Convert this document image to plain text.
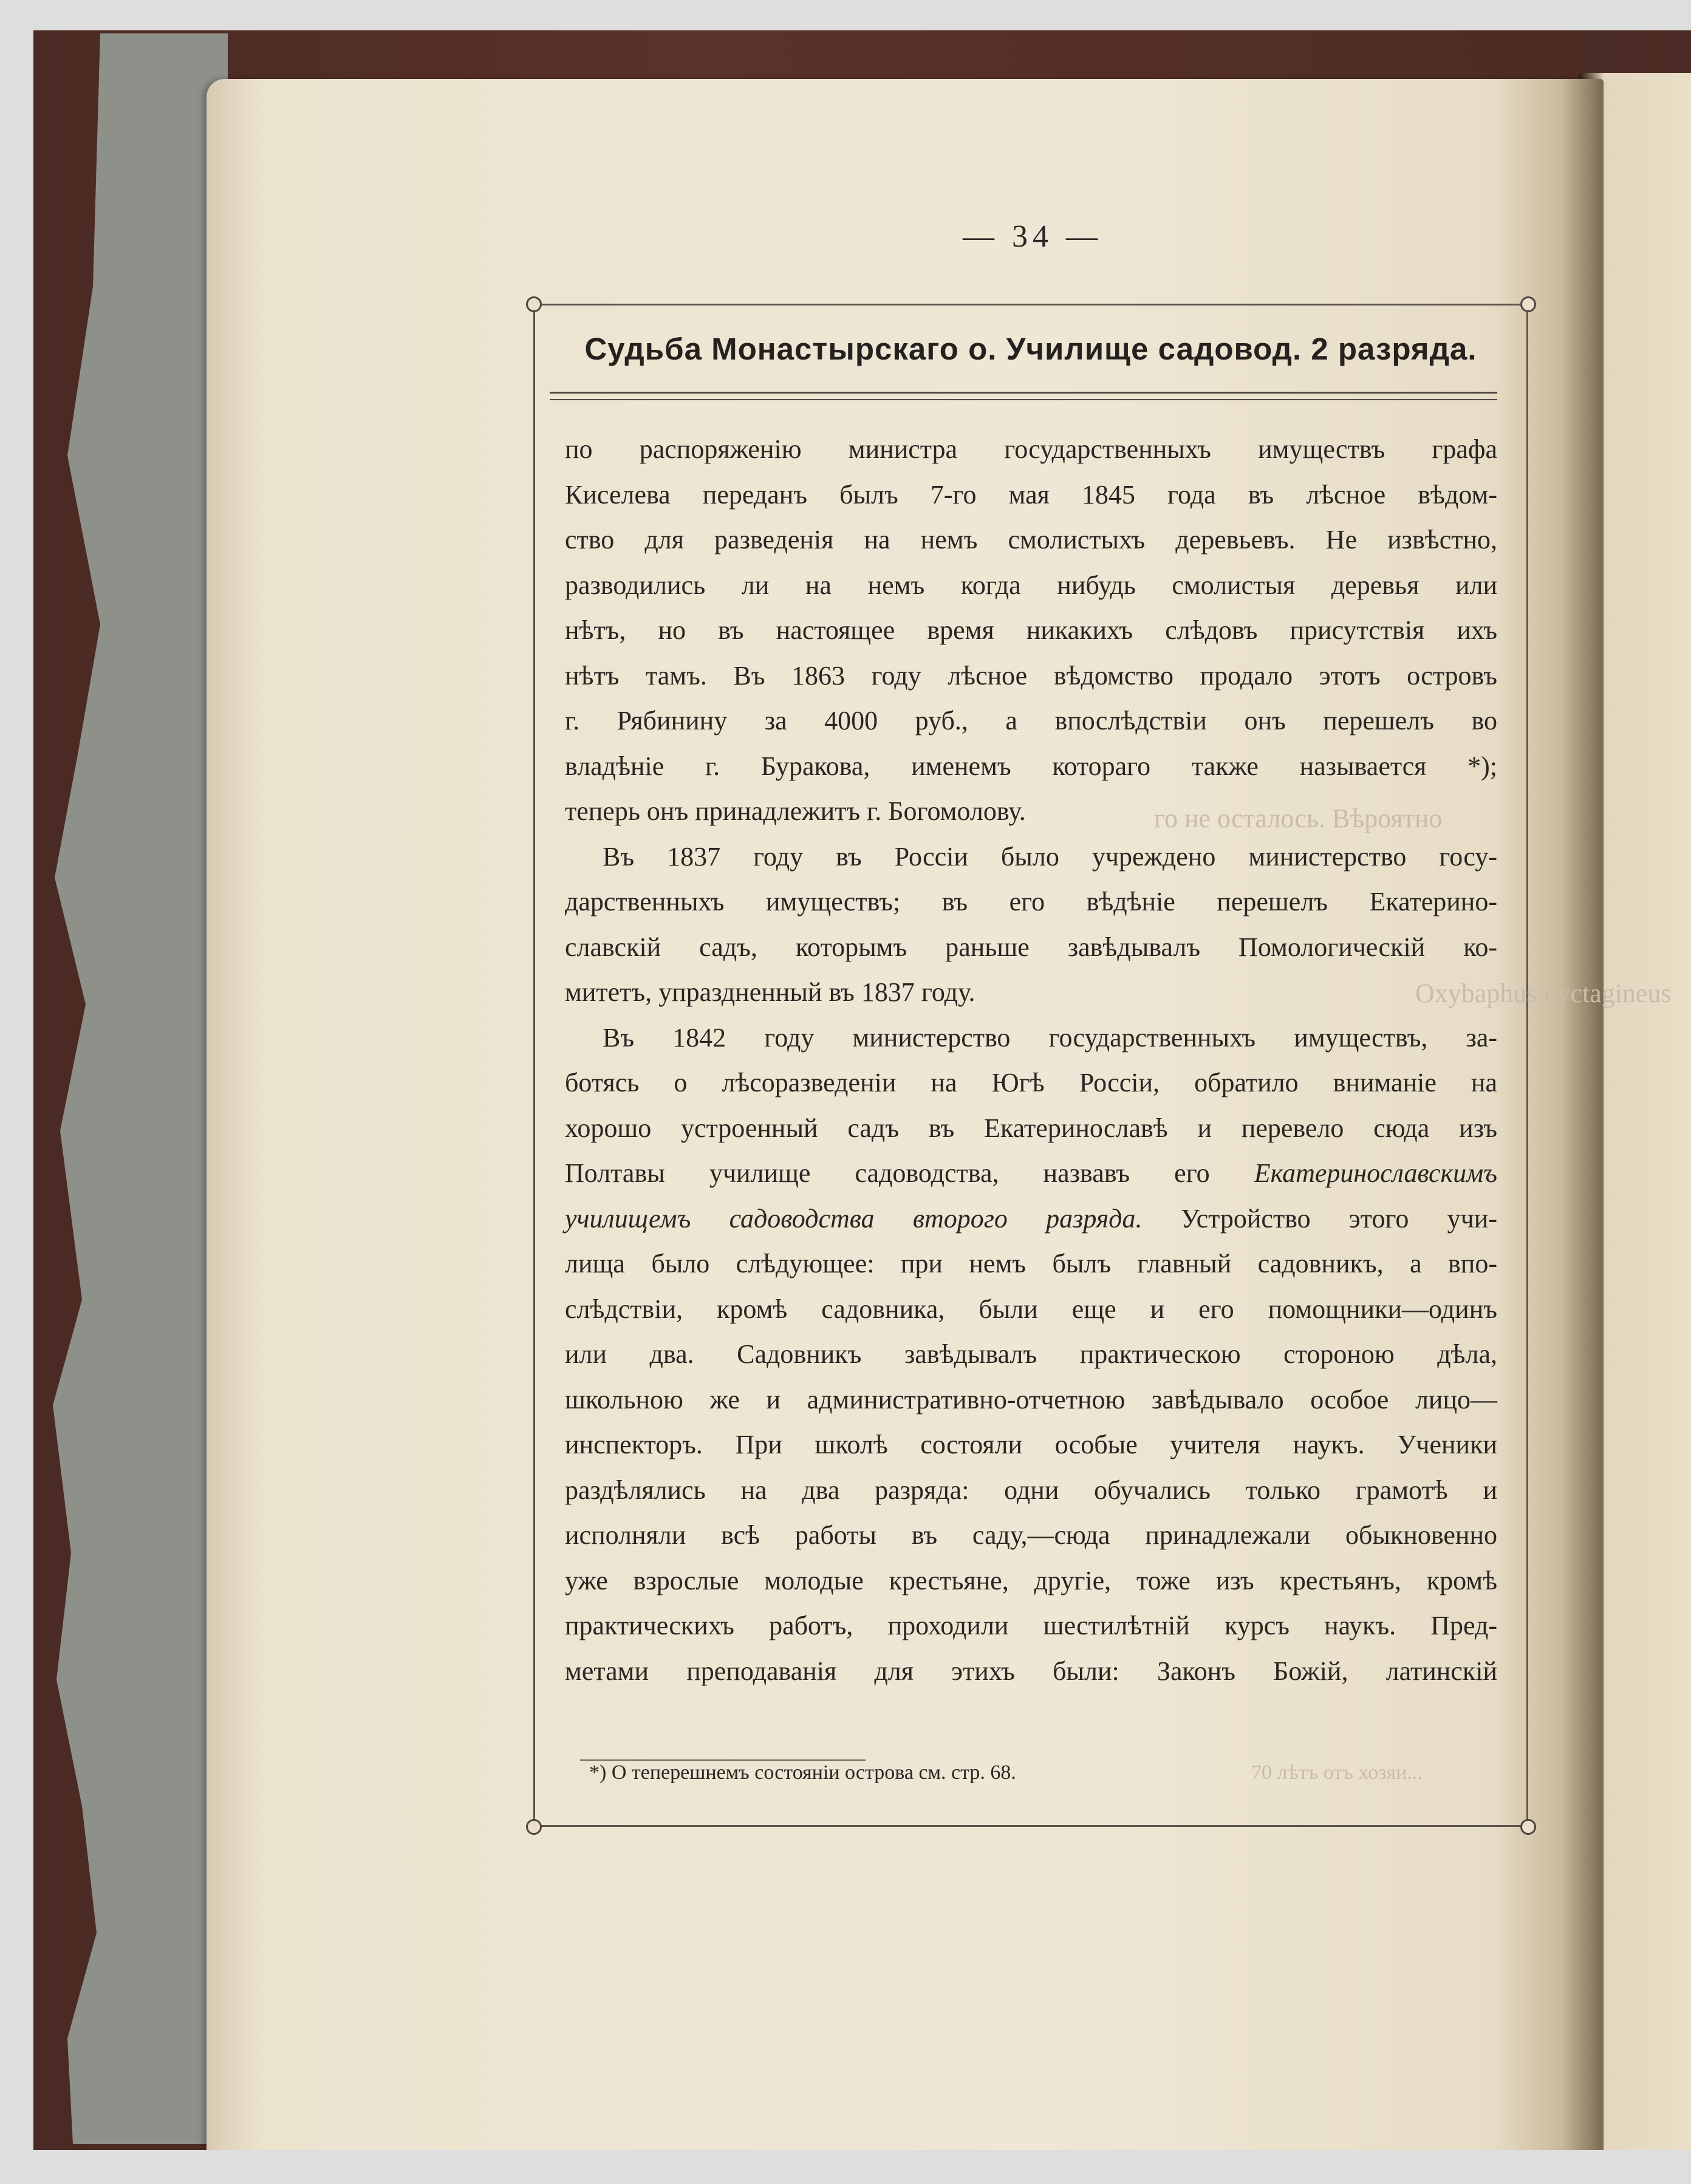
— 34 —
Судьба Монастырскаго о. Училище садовод. 2 разряда.
го не осталось. Вѣроятно
Oxybaphus nyctagineus
70 лѣтъ отъ хозяи...
по распоряженію министра государственныхъ имуществъ графа
Киселева переданъ былъ 7-го мая 1845 года въ лѣсное вѣдом-
ство для разведенія на немъ смолистыхъ деревьевъ. Не извѣстно,
разводились ли на немъ когда нибудь смолистыя деревья или
нѣтъ, но въ настоящее время никакихъ слѣдовъ присутствія ихъ
нѣтъ тамъ. Въ 1863 году лѣсное вѣдомство продало этотъ островъ
г. Рябинину за 4000 руб., а впослѣдствіи онъ перешелъ во
владѣніе г. Буракова, именемъ котораго также называется *);
теперь онъ принадлежитъ г. Богомолову.
Въ 1837 году въ Россіи было учреждено министерство госу-
дарственныхъ имуществъ; въ его вѣдѣніе перешелъ Екатерино-
славскій садъ, которымъ раньше завѣдывалъ Помологическій ко-
митетъ, упраздненный въ 1837 году.
Въ 1842 году министерство государственныхъ имуществъ, за-
ботясь о лѣсоразведеніи на Югѣ Россіи, обратило вниманіе на
хорошо устроенный садъ въ Екатеринославѣ и перевело сюда изъ
Полтавы училище садоводства, назвавъ его Екатеринославскимъ
училищемъ садоводства второго разряда. Устройство этого учи-
лища было слѣдующее: при немъ былъ главный садовникъ, а впо-
слѣдствіи, кромѣ садовника, были еще и его помощники—одинъ
или два. Садовникъ завѣдывалъ практическою стороною дѣла,
школьною же и административно-отчетною завѣдывало особое лицо—
инспекторъ. При школѣ состояли особые учителя наукъ. Ученики
раздѣлялись на два разряда: одни обучались только грамотѣ и
исполняли всѣ работы въ саду,—сюда принадлежали обыкновенно
уже взрослые молодые крестьяне, другіе, тоже изъ крестьянъ, кромѣ
практическихъ работъ, проходили шестилѣтній курсъ наукъ. Пред-
метами преподаванія для этихъ были: Законъ Божій, латинскій
*) О теперешнемъ состояніи острова см. стр. 68.
